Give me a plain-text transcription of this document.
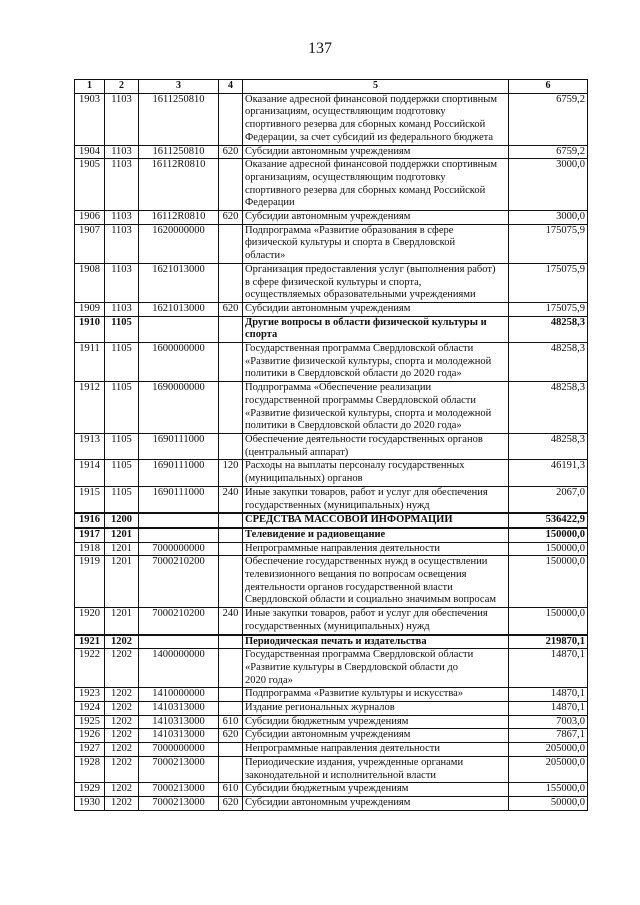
137
1	2	3	4	5	6
1903	1103	1611250810		Оказание адресной финансовой поддержки спортивным
организациям, осуществляющим подготовку
спортивного резерва для сборных команд Российской
Федерации, за счет субсидий из федерального бюджета	6759,2
1904	1103	1611250810	620	Субсидии автономным учреждениям	6759,2
1905	1103	16112R0810		Оказание адресной финансовой поддержки спортивным
организациям, осуществляющим подготовку
спортивного резерва для сборных команд Российской
Федерации	3000,0
1906	1103	16112R0810	620	Субсидии автономным учреждениям	3000,0
1907	1103	1620000000		Подпрограмма «Развитие образования в сфере
физической культуры и спорта в Свердловской
области»	175075,9
1908	1103	1621013000		Организация предоставления услуг (выполнения работ)
в сфере физической культуры и спорта,
осуществляемых образовательными учреждениями	175075,9
1909	1103	1621013000	620	Субсидии автономным учреждениям	175075,9
1910	1105			Другие вопросы в области физической культуры и
спорта	48258,3
1911	1105	1600000000		Государственная программа Свердловской области
«Развитие физической культуры, спорта и молодежной
политики в Свердловской области до 2020 года»	48258,3
1912	1105	1690000000		Подпрограмма «Обеспечение реализации
государственной программы Свердловской области
«Развитие физической культуры, спорта и молодежной
политики в Свердловской области до 2020 года»	48258,3
1913	1105	1690111000		Обеспечение деятельности государственных органов
(центральный аппарат)	48258,3
1914	1105	1690111000	120	Расходы на выплаты персоналу государственных
(муниципальных) органов	46191,3
1915	1105	1690111000	240	Иные закупки товаров, работ и услуг для обеспечения
государственных (муниципальных) нужд	2067,0
1916	1200			СРЕДСТВА МАССОВОЙ ИНФОРМАЦИИ	536422,9
1917	1201			Телевидение и радиовещание	150000,0
1918	1201	7000000000		Непрограммные направления деятельности	150000,0
1919	1201	7000210200		Обеспечение государственных нужд в осуществлении
телевизионного вещания по вопросам освещения
деятельности органов государственной власти
Свердловской области и социально значимым вопросам	150000,0
1920	1201	7000210200	240	Иные закупки товаров, работ и услуг для обеспечения
государственных (муниципальных) нужд	150000,0
1921	1202			Периодическая печать и издательства	219870,1
1922	1202	1400000000		Государственная программа Свердловской области
«Развитие культуры в Свердловской области до
2020 года»	14870,1
1923	1202	1410000000		Подпрограмма «Развитие культуры и искусства»	14870,1
1924	1202	1410313000		Издание региональных журналов	14870,1
1925	1202	1410313000	610	Субсидии бюджетным учреждениям	7003,0
1926	1202	1410313000	620	Субсидии автономным учреждениям	7867,1
1927	1202	7000000000		Непрограммные направления деятельности	205000,0
1928	1202	7000213000		Периодические издания, учрежденные органами
законодательной и исполнительной власти	205000,0
1929	1202	7000213000	610	Субсидии бюджетным учреждениям	155000,0
1930	1202	7000213000	620	Субсидии автономным учреждениям	50000,0
